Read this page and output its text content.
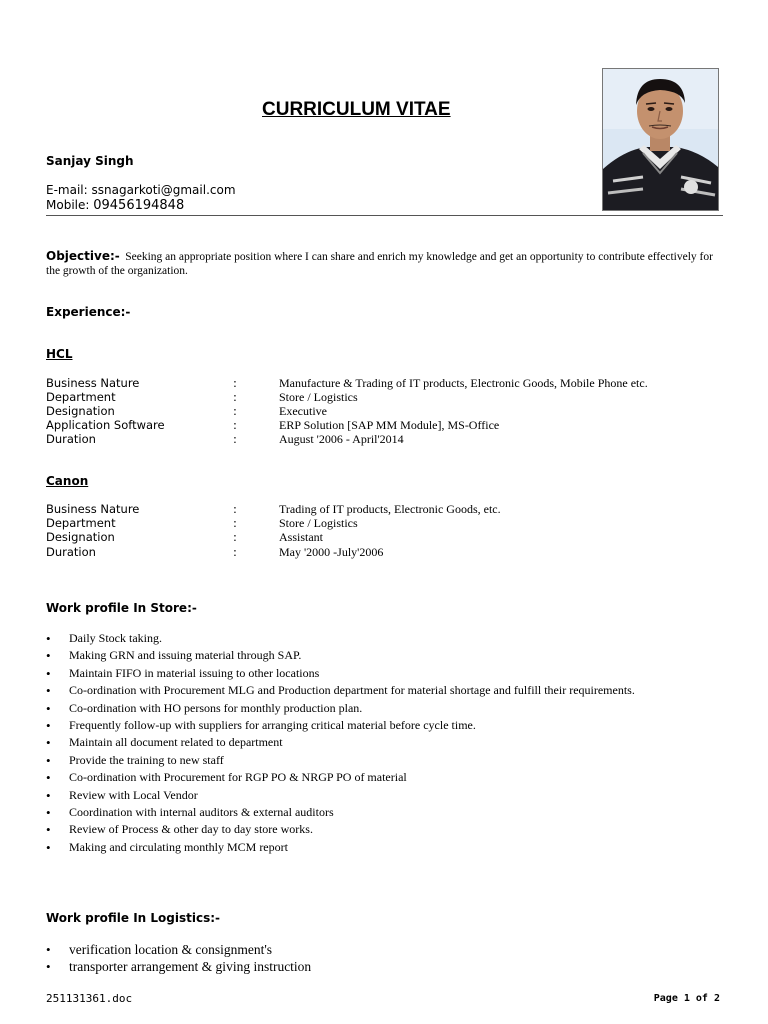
CURRICULUM VITAE
Sanjay Singh
E-mail: ssnagarkoti@gmail.com
Mobile: 09456194848
Objective:- Seeking an appropriate position where I can share and enrich my knowledge and get an opportunity to contribute effectively for the growth of the organization.
Experience:-
HCL
Business Nature	:	Manufacture & Trading of IT products, Electronic Goods, Mobile Phone etc.
Department	:	Store / Logistics
Designation	:	Executive
Application Software	:	ERP Solution [SAP MM Module], MS-Office
Duration	:	August '2006 - April'2014
Canon
Business Nature	:	Trading of IT products, Electronic Goods, etc.
Department	:	Store / Logistics
Designation	:	Assistant
Duration	:	May '2000 -July'2006
Work profile In Store:-
• Daily Stock taking.
• Making GRN and issuing material through SAP.
• Maintain FIFO in material issuing to other locations
• Co-ordination with Procurement MLG and Production department for material shortage and fulfill their requirements.
• Co-ordination with HO persons for monthly production plan.
• Frequently follow-up with suppliers for arranging critical material before cycle time.
• Maintain all document related to department
• Provide the training to new staff
• Co-ordination with Procurement for RGP PO & NRGP PO of material
• Review with Local Vendor
• Coordination with internal auditors & external auditors
• Review of Process & other day to day store works.
• Making and circulating monthly MCM report
Work profile In Logistics:-
• verification location & consignment's
• transporter arrangement & giving instruction
251131361.doc	Page 1 of 2
